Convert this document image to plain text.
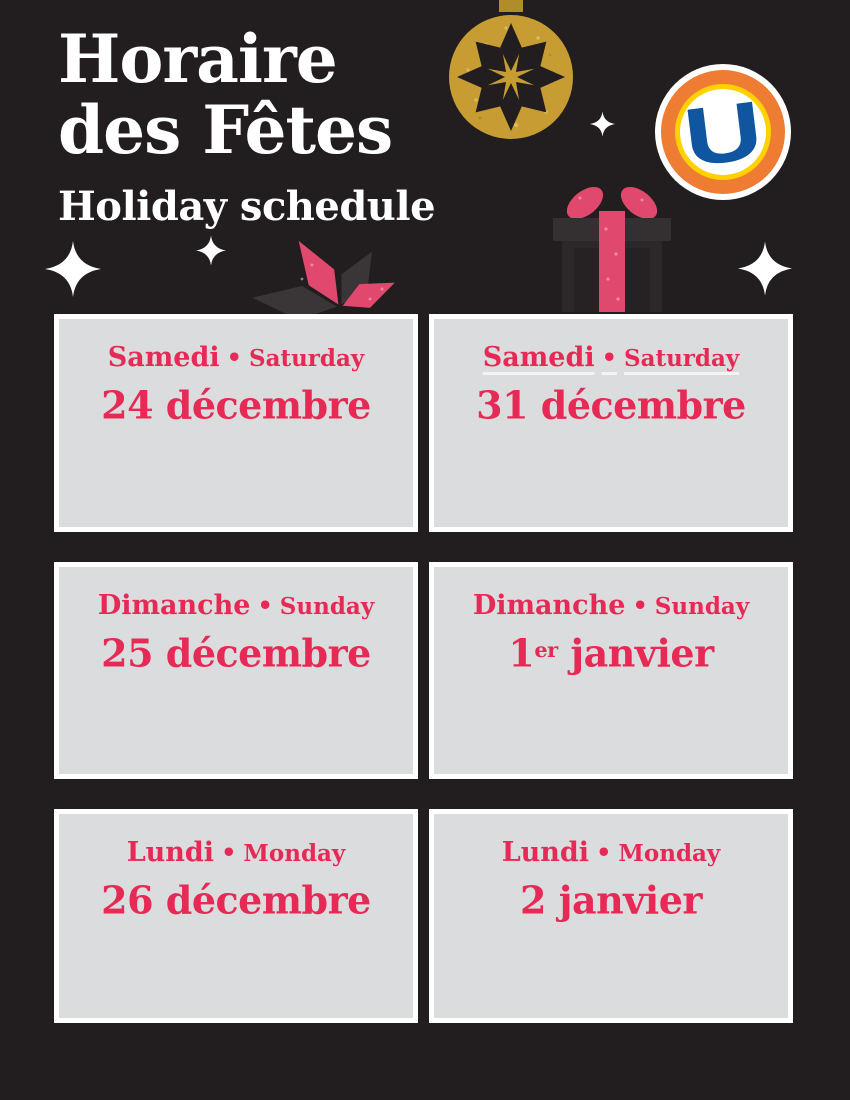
U
Horaire
des Fêtes
Holiday schedule
Samedi • Saturday
24 décembre
Samedi • Saturday
31 décembre
Dimanche • Sunday
25 décembre
Dimanche • Sunday
1er janvier
Lundi • Monday
26 décembre
Lundi • Monday
2 janvier
